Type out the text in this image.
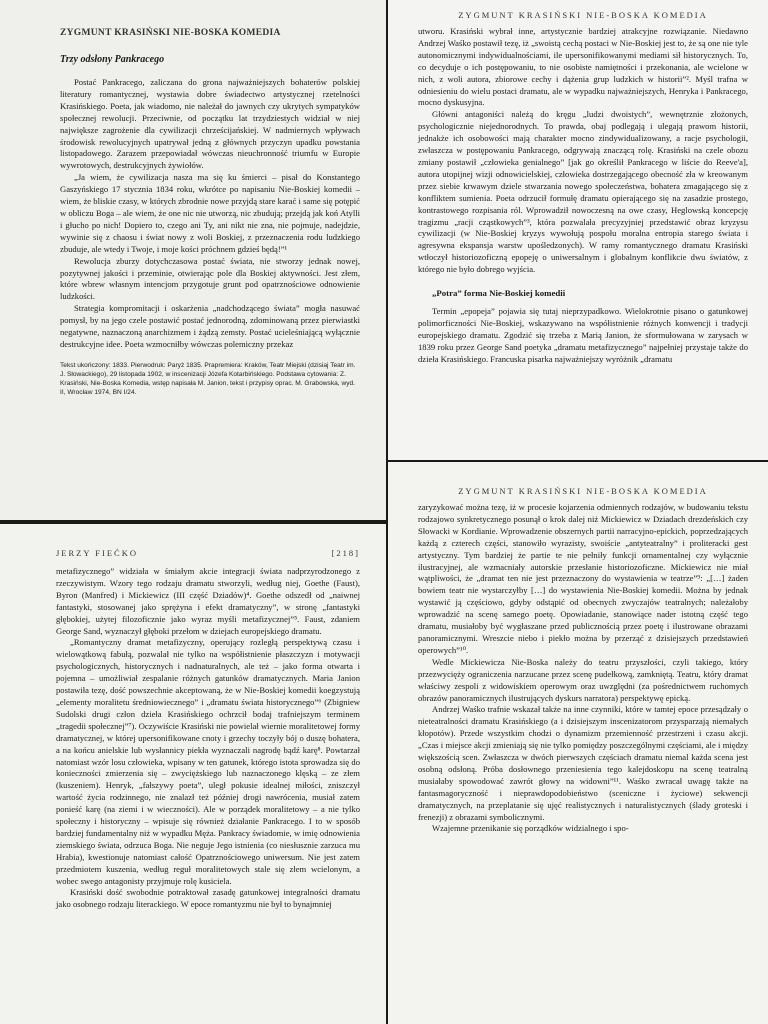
ZYGMUNT KRASIŃSKI NIE-BOSKA KOMEDIA
Trzy odsłony Pankracego

Postać Pankracego, zaliczana do grona najważniejszych bohaterów polskiej literatury romantycznej, wystawia dobre świadectwo artystycznej rzetelności Krasińskiego. Poeta, jak wiadomo, nie należał do jawnych czy ukrytych sympatyków społecznej rewolucji. Przeciwnie, od początku lat trzydziestych widział w niej największe zagrożenie dla cywilizacji chrześcijańskiej. W nadmiernych wpływach środowisk rewolucyjnych upatrywał jedną z głównych przyczyn upadku powstania listopadowego. Zarazem przepowiadał wówczas nieuchronność triumfu w Europie wywrotowych, destrukcyjnych żywiołów.

„Ja wiem, że cywilizacja nasza ma się ku śmierci – pisał do Konstantego Gaszyńskiego 17 stycznia 1834 roku, wkrótce po napisaniu Nie-Boskiej komedii – wiem, że bliskie czasy, w których zbrodnie nowe przyjdą stare karać i same się potępić w obliczu Boga – ale wiem, że one nic nie utworzą, nic zbudują; przejdą jak koń Atylli i głucho po nich! Dopiero to, czego ani Ty, ani nikt nie zna, nie pojmuje, nadejdzie, wywinie się z chaosu i świat nowy z woli Boskiej, z przeznaczenia rodu ludzkiego zbuduje, ale wtedy i Twoje, i moje kości próchnem gdzieś będą!”¹

Rewolucja zburzy dotychczasowa postać świata, nie stworzy jednak nowej, pozytywnej jakości i przeminie, otwierając pole dla Boskiej aktywności. Jest złem, które wbrew własnym intencjom przygotuje grunt pod opatrznościowe odnowienie ludzkości.

Strategia kompromitacji i oskarżenia „nadchodzącego świata” mogła nasuwać pomysł, by na jego czele postawić postać jednorodną, zdominowaną przez pierwiastki negatywne, naznaczoną anarchizmem i żądzą zemsty. Postać ucieleśniającą wyłącznie destrukcyjne idee. Poeta wzmocniłby wówczas polemiczny przekaz

Tekst ukończony: 1833. Pierwodruk: Paryż 1835. Prapremiera: Kraków, Teatr Miejski (dzisiaj Teatr im. J. Słowackiego), 29 listopada 1902, w inscenizacji Józefa Kotarbińskiego. Podstawa cytowania: Z. Krasiński, Nie-Boska Komedia, wstęp napisała M. Janion, tekst i przypisy oprac. M. Grabowska, wyd. II, Wrocław 1974, BN I/24.
ZYGMUNT KRASIŃSKI NIE-BOSKA KOMEDIA

utworu. Krasiński wybrał inne, artystycznie bardziej atrakcyjne rozwiązanie. Niedawno Andrzej Waśko postawił tezę, iż „swoistą cechą postaci w Nie-Boskiej jest to, że są one nie tyle autonomicznymi indywidualnościami, ile upersonifikowanymi mediami sił historycznych. To, co decyduje o ich postępowaniu, to nie osobiste namiętności i przekonania, ale wcielone w nich, z woli autora, zbiorowe cechy i dążenia grup ludzkich w historii”². Myśl trafna w odniesieniu do wielu postaci dramatu, ale w wypadku najważniejszych, Henryka i Pankracego, mocno dyskusyjna.

Główni antagoniści należą do kręgu „ludzi dwoistych”, wewnętrznie złożonych, psychologicznie niejednorodnych. To prawda, obaj podlegają i ulegają prawom historii, jednakże ich osobowości mają charakter mocno zindywidualizowany, a racje psychologii, zwłaszcza w postępowaniu Pankracego, odgrywają znaczącą rolę. Krasiński na czele obozu zmiany postawił „człowieka genialnego” [jak go określił Pankracego w liście do Reeve'a], autora utopijnej wizji odnowicielskiej, człowieka dostrzegającego obecność zła w kreowanym przez siebie krwawym dziele stwarzania nowego społeczeństwa, bohatera zmagającego się z konfliktem sumienia. Poeta odrzucił formułę dramatu opierającego się na zasadzie prostego, kontrastowego rozpisania ról. Wprowadził nowoczesną na owe czasy, Heglowską koncepcję tragizmu „racji cząstkowych”³, która pozwalała precyzyjniej przedstawić obraz kryzysu cywilizacji (w Nie-Boskiej kryzys wywołują pospołu moralna entropia starego świata i agresywna ekspansja warstw upośledzonych). W ramy romantycznego dramatu Krasiński wtłoczył historiozoficzną epopeję o uniwersalnym i globalnym konflikcie dwu światów, z którego nie było dobrego wyjścia.

„Potra” forma Nie-Boskiej komedii

Termin „epopeja” pojawia się tutaj nieprzypadkowo. Wielokrotnie pisano o gatunkowej polimorficzności Nie-Boskiej, wskazywano na współistnienie różnych konwencji i tradycji europejskiego dramatu. Zgodzić się trzeba z Marią Janion, że sformułowana w zarysach w 1839 roku przez George Sand poetyka „dramatu metafizycznego” najpełniej przystaje także do dzieła Krasińskiego. Francuska pisarka najważniejszy wyróżnik „dramatu

JERZY FIEĆKO	[218]

metafizycznego” widziała w śmiałym akcie integracji świata nadprzyrodzonego z rzeczywistym. Wzory tego rodzaju dramatu stworzyli, według niej, Goethe (Faust), Byron (Manfred) i Mickiewicz (III część Dziadów)⁴. Goethe odszedł od „naiwnej fantastyki, stosowanej jako sprężyna i efekt dramatyczny”, w stronę „fantastyki głębokiej, użytej filozoficznie jako wyraz myśli metafizycznej”⁵. Faust, zdaniem George Sand, wyznaczył głęboki przełom w dziejach europejskiego dramatu.

„Romantyczny dramat metafizyczny, operujący rozległą perspektywą czasu i wielowątkową fabułą, pozwalał nie tylko na współistnienie płaszczyzn i motywacji psychologicznych, historycznych i nadnaturalnych, ale też – jako forma otwarta i pojemna – umożliwiał zespalanie różnych gatunków dramatycznych. Maria Janion postawiła tezę, dość powszechnie akceptowaną, że w Nie-Boskiej komedii koegzystują „elementy moralitetu średniowiecznego” i „dramatu świata historycznego”⁶ (Zbigniew Sudolski drugi człon dzieła Krasińskiego ochrzcił bodaj trafniejszym terminem „tragedii społecznej”⁷). Oczywiście Krasiński nie powielał wiernie moralitetowej formy dramatycznej, w której upersonifikowane cnoty i grzechy toczyły bój o duszę bohatera, a na końcu anielskie lub wysłannicy piekła wyznaczali nagrodę bądź karę⁸. Powtarzał natomiast wzór losu człowieka, wpisany w ten gatunek, którego istota sprowadza się do konieczności zmierzenia się – zwyciężskiego lub naznaczonego klęską – ze złem (kuszeniem). Henryk, „fałszywy poeta”, uległ pokusie idealnej miłości, zniszczył wartość życia rodzinnego, nie znalazł też później drogi nawrócenia, musiał zatem ponieść karę (na ziemi i w wieczności). Ale w porządek moralitetowy – a nie tylko społeczny i historyczny – wpisuje się również działanie Pankracego. I to w sposób bardziej fundamentalny niż w wypadku Męża. Pankracy świadomie, w imię odnowienia ziemskiego świata, odrzuca Boga. Nie neguje Jego istnienia (co niesłusznie zarzuca mu Hrabia), kwestionuje natomiast całość Opatrznościowego uniwersum. Nie jest zatem przedmiotem kuszenia, według reguł moralitetowych stale się złem wcielonym, a wobec swego antagonisty przyjmuje rolę kusiciela.

Krasiński dość swobodnie potraktował zasadę gatunkowej integralności dramatu jako osobnego rodzaju literackiego. W epoce romantyzmu nie był to bynajmniej

ZYGMUNT KRASIŃSKI NIE-BOSKA KOMEDIA

zaryzykować można tezę, iż w procesie kojarzenia odmiennych rodzajów, w budowaniu tekstu rodzajowo synkretycznego posunął o krok dalej niż Mickiewicz w Dziadach drezdeńskich czy Słowacki w Kordianie. Wprowadzenie obszernych partii narracyjno-epickich, poprzedzających każdą z czterech części, stanowiło wyrazisty, swoiście „antyteatralny” i proliteracki gest artystyczny. Tym bardziej że partie te nie pełniły funkcji ornamentalnej czy wyłącznie ilustracyjnej, ale wzmacniały autorskie przesłanie historiozoficzne. Mickiewicz nie miał wątpliwości, że „dramat ten nie jest przeznaczony do wystawienia w teatrze”⁹: „[…] żaden bowiem teatr nie wystarczyłby […] do wystawienia Nie-Boskiej komedii. Można by jednak wystawić ją częściowo, gdyby odstąpić od obecnych zwyczajów teatralnych; należałoby wprowadzić na scenę samego poetę. Opowiadanie, stanowiące nader istotną część tego dramatu, musiałoby być wygłaszane przed publicznością przez poetę i ilustrowane obrazami panoramicznymi. Wreszcie niebo i piekło można by przerząć z dzisiejszych przedstawień operowych”¹⁰.

Wedle Mickiewicza Nie-Boska należy do teatru przyszłości, czyli takiego, który przezwycięży ograniczenia narzucane przez scenę pudełkową, zamkniętą. Teatru, który dramat właściwy zespoli z widowiskiem operowym oraz uwzględni (za pośrednictwem ruchomych obrazów panoramicznych ilustrujących dyskurs narratora) perspektywę epicką.

Andrzej Waśko trafnie wskazał także na inne czynniki, które w tamtej epoce przesądzały o nieteatralności dramatu Krasińskiego (a i dzisiejszym inscenizatorom przysparzają niemałych kłopotów). Przede wszystkim chodzi o dynamizm przemienność przestrzeni i czasu akcji. „Czas i miejsce akcji zmieniają się nie tylko pomiędzy poszczególnymi częściami, ale i między większością scen. Zwłaszcza w dwóch pierwszych częściach dramatu niemal każda scena jest osobną odsłoną. Próba dosłownego przeniesienia tego kalejdoskopu na scenę teatralną musiałaby spowodować zawrót głowy na widowni”¹¹. Waśko zwracał uwagę także na fantasmagoryczność i nieprawdopodobieństwo (sceniczne i życiowe) sekwencji dramatycznych, na przeplatanie się ujęć realistycznych i naturalistycznych (ślady groteski i frenezji) z obrazami symbolicznymi.

Wzajemne przenikanie się porządków widzialnego i spo-
